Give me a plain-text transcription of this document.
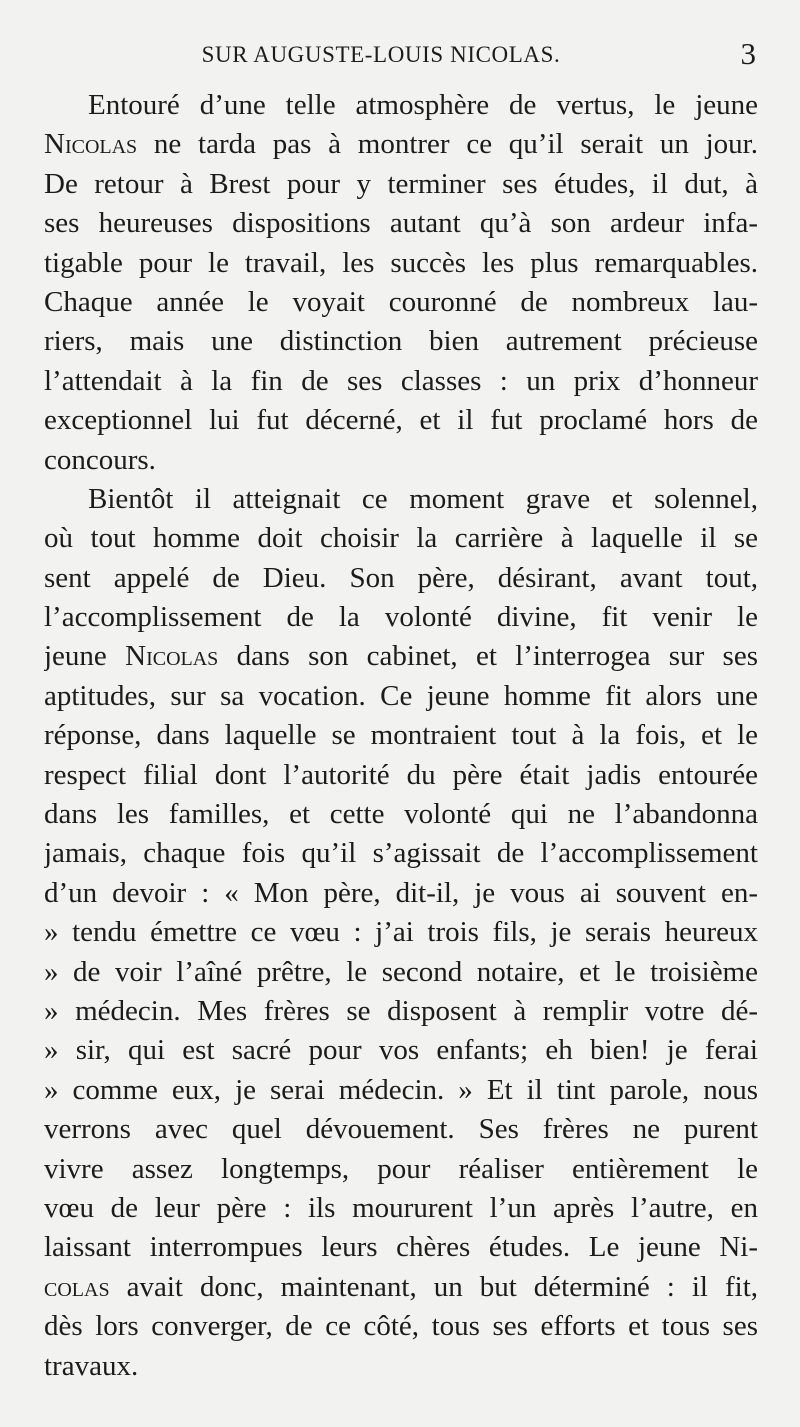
SUR AUGUSTE-LOUIS NICOLAS.	3
Entouré d’une telle atmosphère de vertus, le jeune
Nicolas ne tarda pas à montrer ce qu’il serait un jour.
De retour à Brest pour y terminer ses études, il dut, à
ses heureuses dispositions autant qu’à son ardeur infa-
tigable pour le travail, les succès les plus remarquables.
Chaque année le voyait couronné de nombreux lau-
riers, mais une distinction bien autrement précieuse
l’attendait à la fin de ses classes : un prix d’honneur
exceptionnel lui fut décerné, et il fut proclamé hors de
concours.
Bientôt il atteignait ce moment grave et solennel,
où tout homme doit choisir la carrière à laquelle il se
sent appelé de Dieu. Son père, désirant, avant tout,
l’accomplissement de la volonté divine, fit venir le
jeune Nicolas dans son cabinet, et l’interrogea sur ses
aptitudes, sur sa vocation. Ce jeune homme fit alors une
réponse, dans laquelle se montraient tout à la fois, et le
respect filial dont l’autorité du père était jadis entourée
dans les familles, et cette volonté qui ne l’abandonna
jamais, chaque fois qu’il s’agissait de l’accomplissement
d’un devoir : « Mon père, dit-il, je vous ai souvent en-
» tendu émettre ce vœu : j’ai trois fils, je serais heureux
» de voir l’aîné prêtre, le second notaire, et le troisième
» médecin. Mes frères se disposent à remplir votre dé-
» sir, qui est sacré pour vos enfants; eh bien! je ferai
» comme eux, je serai médecin. » Et il tint parole, nous
verrons avec quel dévouement. Ses frères ne purent
vivre assez longtemps, pour réaliser entièrement le
vœu de leur père : ils moururent l’un après l’autre, en
laissant interrompues leurs chères études. Le jeune Ni-
colas avait donc, maintenant, un but déterminé : il fit,
dès lors converger, de ce côté, tous ses efforts et tous ses
travaux.
